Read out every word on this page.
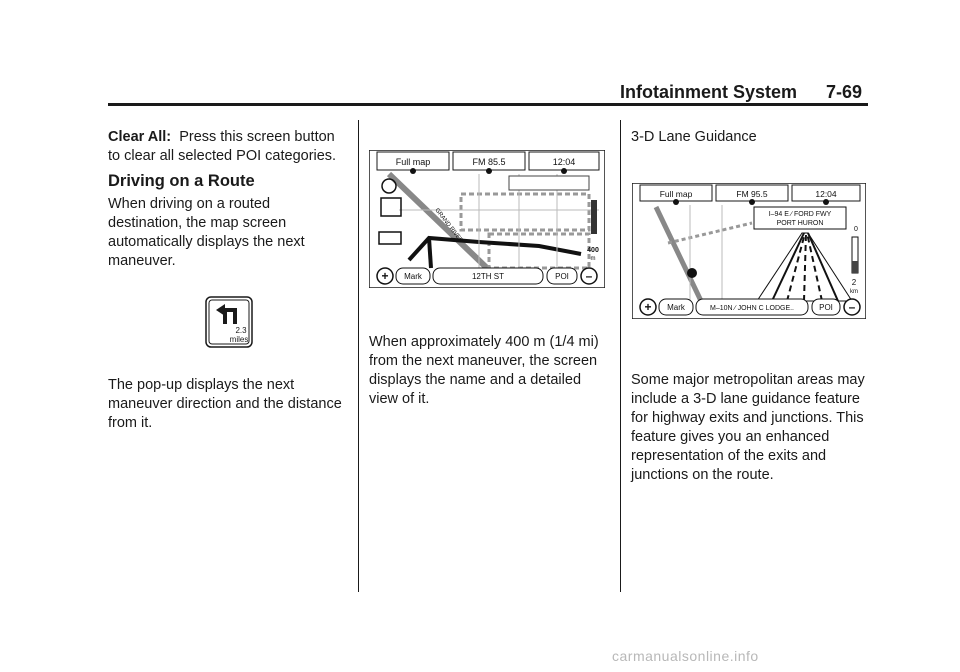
Infotainment System 7-69
Clear All: Press this screen button
to clear all selected POI categories.
Driving on a Route
When driving on a routed
destination, the map screen
automatically displays the next
maneuver.
2.3
miles
The pop-up displays the next
maneuver direction and the distance
from it.
Full map	FM 85.5	12:04
GRAND RIVER
400
m
+ Mark	12TH ST	POI –
When approximately 400 m (1/4 mi)
from the next maneuver, the screen
displays the name and a detailed
view of it.
3-D Lane Guidance
Full map	FM 95.5	12:04
I–94 E ∕ FORD FWY
PORT HURON
0
2
km
+ Mark	M–10N ∕ JOHN C LODGE..	POI –
Some major metropolitan areas may
include a 3-D lane guidance feature
for highway exits and junctions. This
feature gives you an enhanced
representation of the exits and
junctions on the route.
carmanualsonline.info
